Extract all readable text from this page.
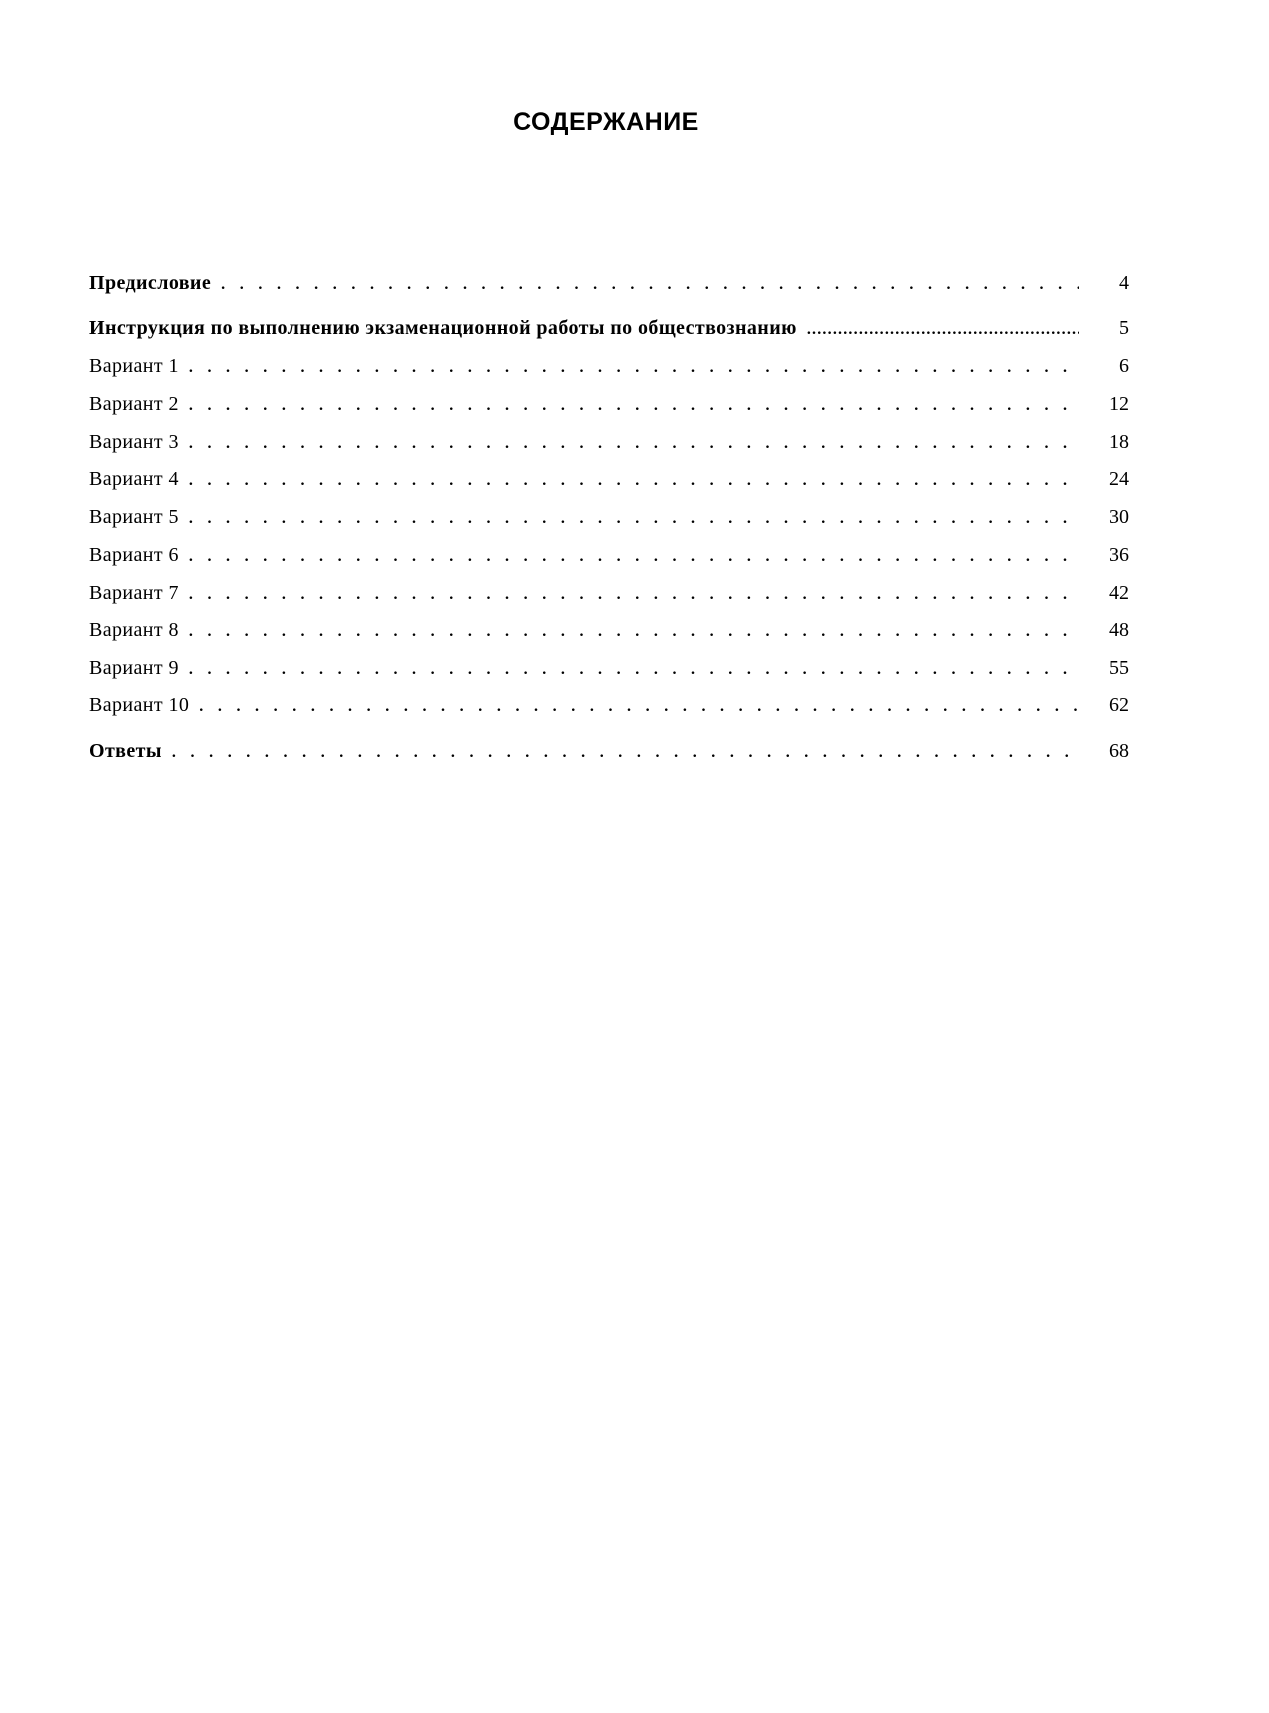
СОДЕРЖАНИЕ
Предисловие . . .	4
Инструкция по выполнению экзаменационной работы по обществознанию .....	5
Вариант 1 . . .	6
Вариант 2 . . .	12
Вариант 3 . . .	18
Вариант 4 . . .	24
Вариант 5 . . .	30
Вариант 6 . . .	36
Вариант 7 . . .	42
Вариант 8 . . .	48
Вариант 9 . . .	55
Вариант 10 . . .	62
Ответы . . .	68
